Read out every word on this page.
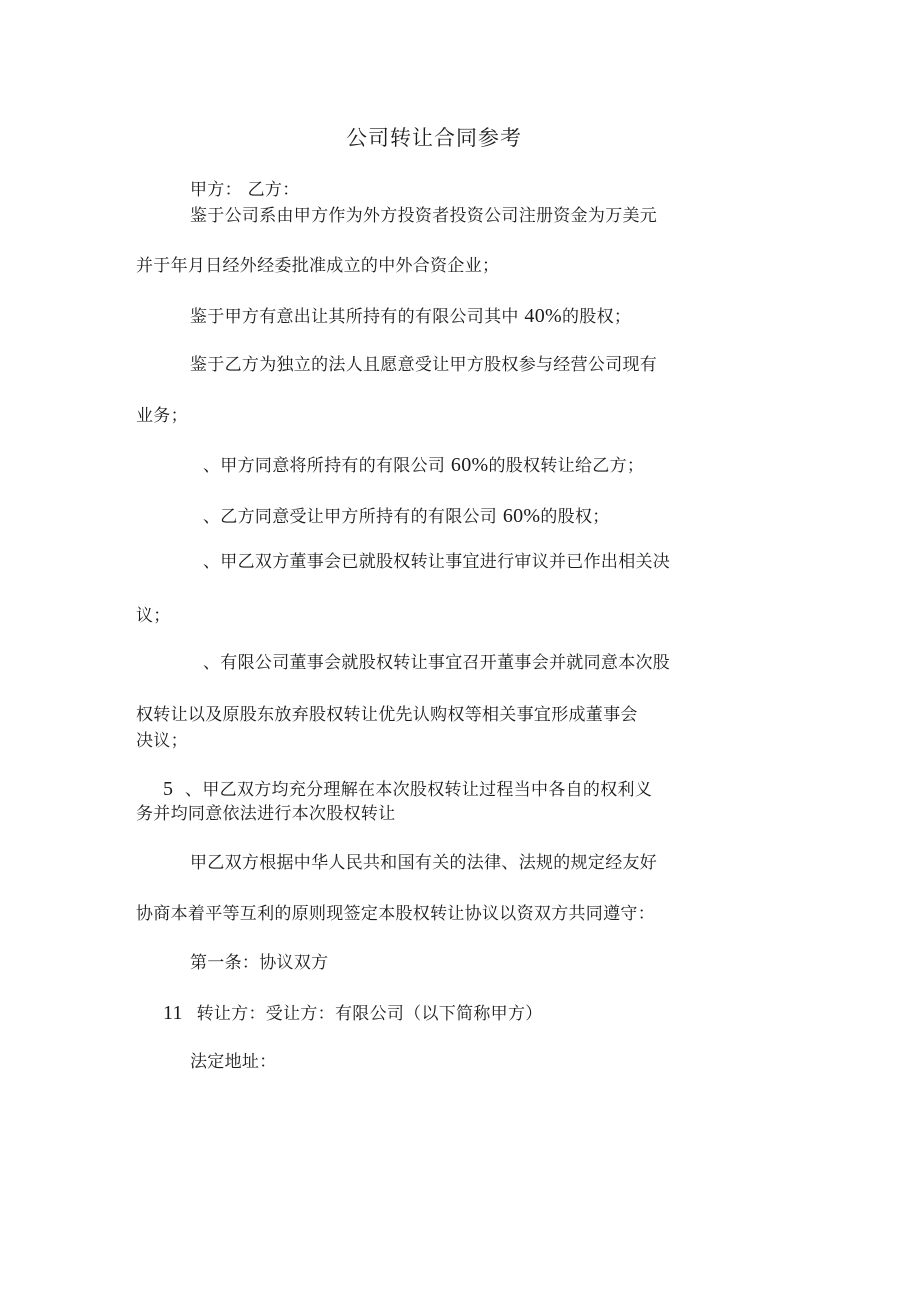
公司转让合同参考
甲方： 乙方：
鉴于公司系由甲方作为外方投资者投资公司注册资金为万美元
并于年月日经外经委批准成立的中外合资企业；
鉴于甲方有意出让其所持有的有限公司其中 40%的股权；
鉴于乙方为独立的法人且愿意受让甲方股权参与经营公司现有
业务；
、甲方同意将所持有的有限公司 60%的股权转让给乙方；
、乙方同意受让甲方所持有的有限公司 60%的股权；
、甲乙双方董事会已就股权转让事宜进行审议并已作出相关决
议；
、有限公司董事会就股权转让事宜召开董事会并就同意本次股
权转让以及原股东放弃股权转让优先认购权等相关事宜形成董事会
决议；
5 、甲乙双方均充分理解在本次股权转让过程当中各自的权利义
务并均同意依法进行本次股权转让
甲乙双方根据中华人民共和国有关的法律、法规的规定经友好
协商本着平等互利的原则现签定本股权转让协议以资双方共同遵守：
第一条：协议双方
11 转让方：受让方：有限公司（以下简称甲方）
法定地址：
